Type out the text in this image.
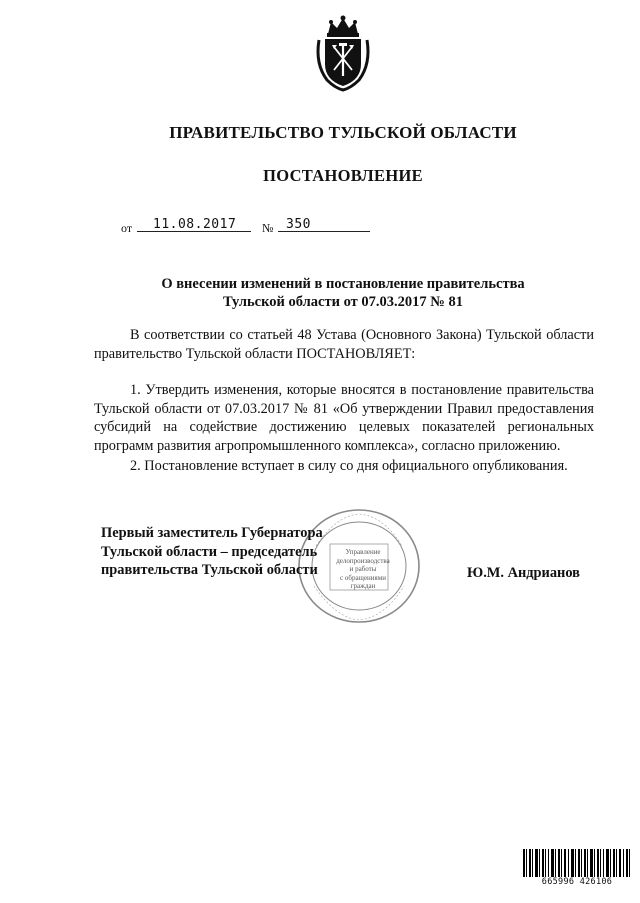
ПРАВИТЕЛЬСТВО ТУЛЬСКОЙ ОБЛАСТИ
ПОСТАНОВЛЕНИЕ
от	11.08.2017	№ 350
О внесении изменений в постановление правительства
Тульской области от 07.03.2017 № 81
В соответствии со статьей 48 Устава (Основного Закона) Тульской области правительство Тульской области ПОСТАНОВЛЯЕТ:
1. Утвердить изменения, которые вносятся в постановление правительства Тульской области от 07.03.2017 № 81 «Об утверждении Правил предоставления субсидий на содействие достижению целевых показателей региональных программ развития агропромышленного комплекса», согласно приложению.
2. Постановление вступает в силу со дня официального опубликования.
Управление
делопроизводства
и работы
с обращениями
граждан
Первый заместитель Губернатора
Тульской области – председатель
правительства Тульской области	Ю.М. Андрианов
665996 426106
